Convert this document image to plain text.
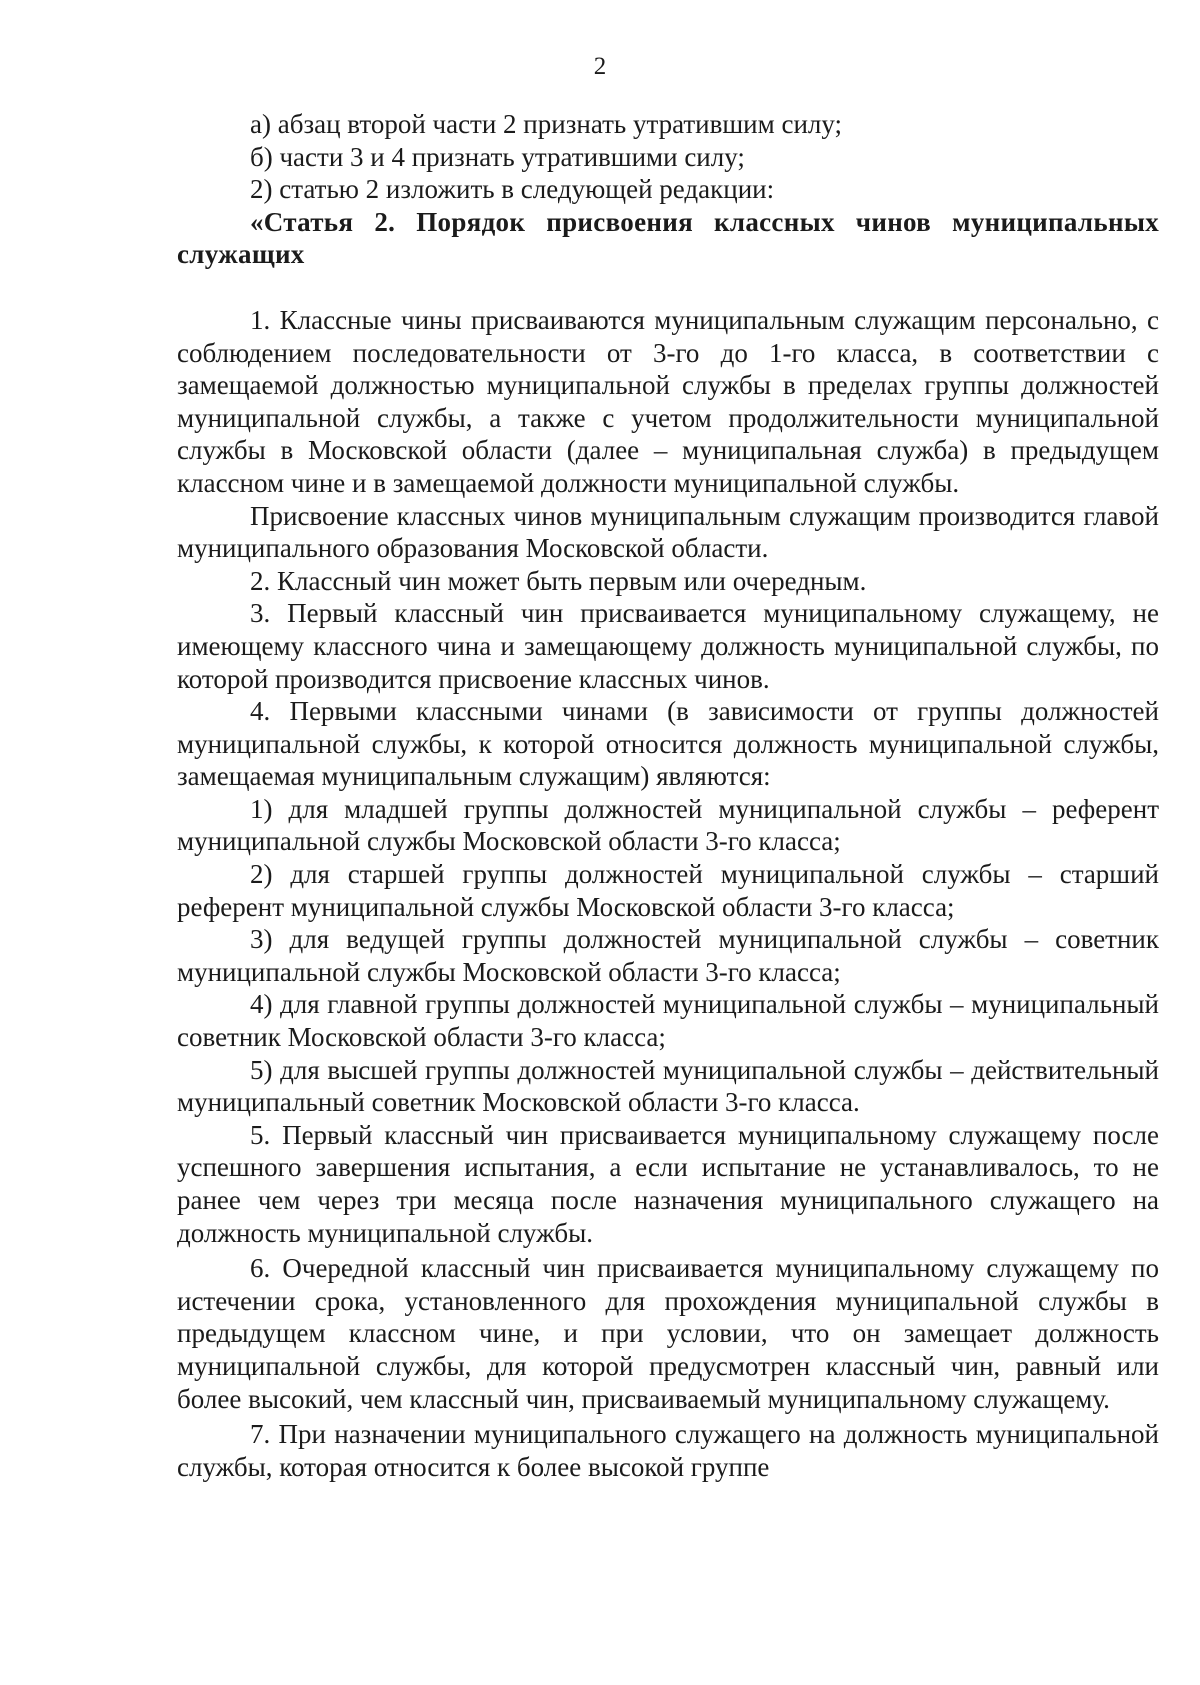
2

а) абзац второй части 2 признать утратившим силу;

б) части 3 и 4 признать утратившими силу;

2) статью 2 изложить в следующей редакции:

«Статья 2. Порядок присвоения классных чинов муниципальных служащих

1. Классные чины присваиваются муниципальным служащим персонально, с соблюдением последовательности от 3-го до 1-го класса, в соответствии с замещаемой должностью муниципальной службы в пределах группы должностей муниципальной службы, а также с учетом продолжительности муниципальной службы в Московской области (далее – муниципальная служба) в предыдущем классном чине и в замещаемой должности муниципальной службы.

Присвоение классных чинов муниципальным служащим производится главой муниципального образования Московской области.

2. Классный чин может быть первым или очередным.

3. Первый классный чин присваивается муниципальному служащему, не имеющему классного чина и замещающему должность муниципальной службы, по которой производится присвоение классных чинов.

4. Первыми классными чинами (в зависимости от группы должностей муниципальной службы, к которой относится должность муниципальной службы, замещаемая муниципальным служащим) являются:

1) для младшей группы должностей муниципальной службы – референт муниципальной службы Московской области 3-го класса;

2) для старшей группы должностей муниципальной службы – старший референт муниципальной службы Московской области 3-го класса;

3) для ведущей группы должностей муниципальной службы – советник муниципальной службы Московской области 3-го класса;

4) для главной группы должностей муниципальной службы – муниципальный советник Московской области 3-го класса;

5) для высшей группы должностей муниципальной службы – действительный муниципальный советник Московской области 3-го класса.

5. Первый классный чин присваивается муниципальному служащему после успешного завершения испытания, а если испытание не устанавливалось, то не ранее чем через три месяца после назначения муниципального служащего на должность муниципальной службы.

6. Очередной классный чин присваивается муниципальному служащему по истечении срока, установленного для прохождения муниципальной службы в предыдущем классном чине, и при условии, что он замещает должность муниципальной службы, для которой предусмотрен классный чин, равный или более высокий, чем классный чин, присваиваемый муниципальному служащему.

7. При назначении муниципального служащего на должность муниципальной службы, которая относится к более высокой группе
